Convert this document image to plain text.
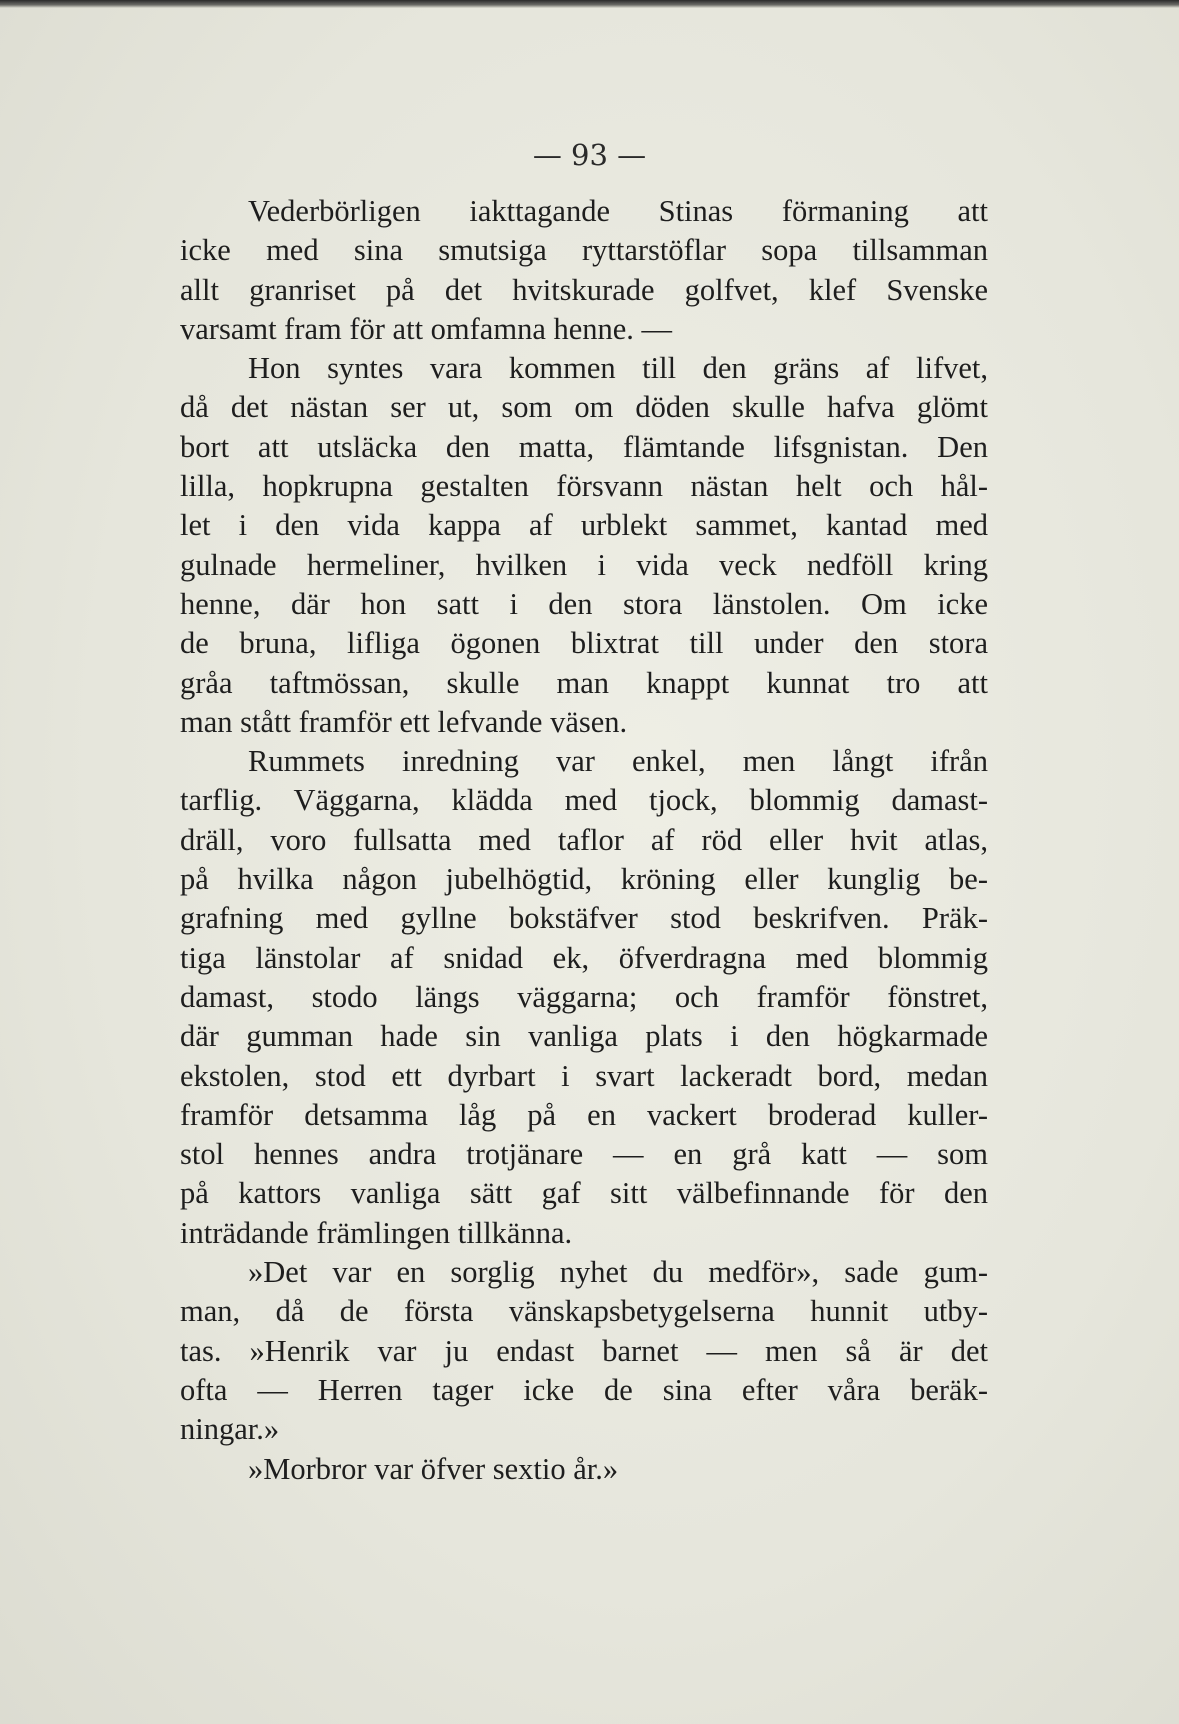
— 93 —
Vederbörligen iakttagande Stinas förmaning att
icke med sina smutsiga ryttarstöflar sopa tillsamman
allt granriset på det hvitskurade golfvet, klef Svenske
varsamt fram för att omfamna henne. —
Hon syntes vara kommen till den gräns af lifvet,
då det nästan ser ut, som om döden skulle hafva glömt
bort att utsläcka den matta, flämtande lifsgnistan. Den
lilla, hopkrupna gestalten försvann nästan helt och hål-
let i den vida kappa af urblekt sammet, kantad med
gulnade hermeliner, hvilken i vida veck nedföll kring
henne, där hon satt i den stora länstolen. Om icke
de bruna, lifliga ögonen blixtrat till under den stora
gråa taftmössan, skulle man knappt kunnat tro att
man stått framför ett lefvande väsen.
Rummets inredning var enkel, men långt ifrån
tarflig. Väggarna, klädda med tjock, blommig damast-
dräll, voro fullsatta med taflor af röd eller hvit atlas,
på hvilka någon jubelhögtid, kröning eller kunglig be-
grafning med gyllne bokstäfver stod beskrifven. Präk-
tiga länstolar af snidad ek, öfverdragna med blommig
damast, stodo längs väggarna; och framför fönstret,
där gumman hade sin vanliga plats i den högkarmade
ekstolen, stod ett dyrbart i svart lackeradt bord, medan
framför detsamma låg på en vackert broderad kuller-
stol hennes andra trotjänare — en grå katt — som
på kattors vanliga sätt gaf sitt välbefinnande för den
inträdande främlingen tillkänna.
»Det var en sorglig nyhet du medför», sade gum-
man, då de första vänskapsbetygelserna hunnit utby-
tas. »Henrik var ju endast barnet — men så är det
ofta — Herren tager icke de sina efter våra beräk-
ningar.»
»Morbror var öfver sextio år.»
